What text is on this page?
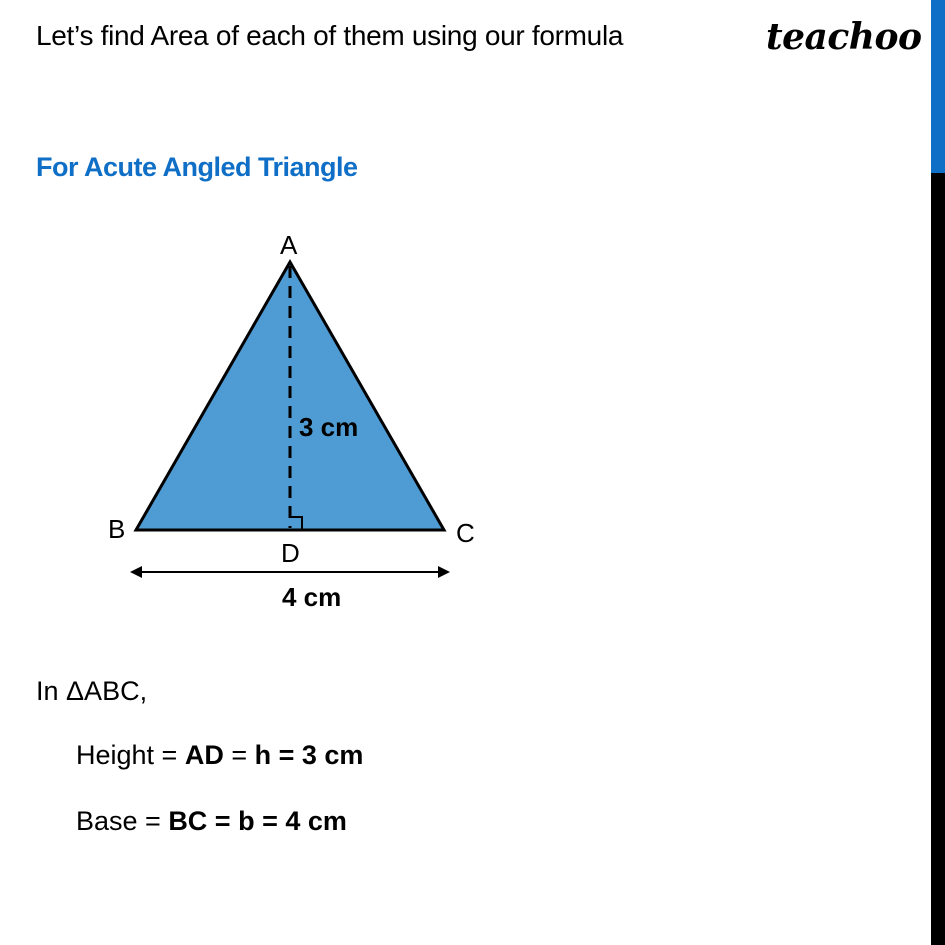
Let’s find Area of each of them using our formula	teachoo
For Acute Angled Triangle
A
B	C
D
3 cm
4 cm
In ΔABC,
Height = AD = h = 3 cm
Base = BC = b = 4 cm
